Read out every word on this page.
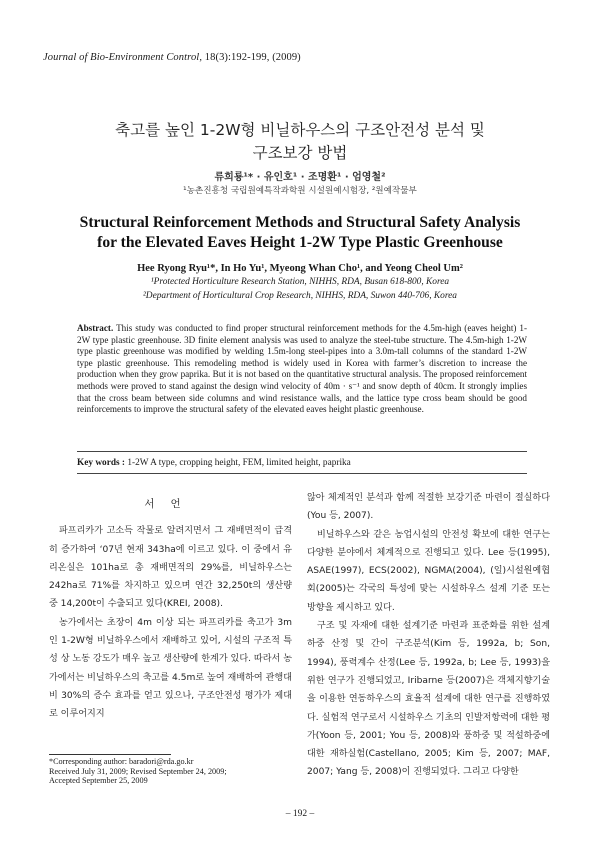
Journal of Bio-Environment Control, 18(3):192-199, (2009)
축고를 높인 1-2W형 비닐하우스의 구조안전성 분석 및
구조보강 방법
류희룡¹* · 유인호¹ · 조명환¹ · 엄영철²
¹농촌진흥청 국립원예특작과학원 시설원예시험장, ²원예작물부
Structural Reinforcement Methods and Structural Safety Analysis
for the Elevated Eaves Height 1-2W Type Plastic Greenhouse
Hee Ryong Ryu¹*, In Ho Yu¹, Myeong Whan Cho¹, and Yeong Cheol Um²
¹Protected Horticulture Research Station, NIHHS, RDA, Busan 618-800, Korea
²Department of Horticultural Crop Research, NIHHS, RDA, Suwon 440-706, Korea
Abstract. This study was conducted to find proper structural reinforcement methods for the 4.5m-high (eaves height) 1-2W type plastic greenhouse. 3D finite element analysis was used to analyze the steel-tube structure. The 4.5m-high 1-2W type plastic greenhouse was modified by welding 1.5m-long steel-pipes into a 3.0m-tall columns of the standard 1-2W type plastic greenhouse. This remodeling method is widely used in Korea with farmer’s discretion to increase the production when they grow paprika. But it is not based on the quantitative structural analysis. The proposed reinforcement methods were proved to stand against the design wind velocity of 40m · s⁻¹ and snow depth of 40cm. It strongly implies that the cross beam between side columns and wind resistance walls, and the lattice type cross beam should be good reinforcements to improve the structural safety of the elevated eaves height plastic greenhouse.
Key words : 1-2W A type, cropping height, FEM, limited height, paprika
서언

파프리카가 고소득 작물로 알려지면서 그 재배면적이 급격히 증가하여 ‘07년 현재 343ha에 이르고 있다. 이 중에서 유리온실은 101ha로 총 재배면적의 29%를, 비닐하우스는 242ha로 71%를 차지하고 있으며 연간 32,250t의 생산량 중 14,200t이 수출되고 있다(KREI, 2008).

농가에서는 초장이 4m 이상 되는 파프리카를 축고가 3m인 1-2W형 비닐하우스에서 재배하고 있어, 시설의 구조적 특성 상 노동 강도가 매우 높고 생산량에 한계가 있다. 따라서 농가에서는 비닐하우스의 축고를 4.5m로 높여 재배하여 관행대비 30%의 증수 효과를 얻고 있으나, 구조안전성 평가가 제대로 이루어지지

않아 체계적인 분석과 함께 적절한 보강기준 마련이 절실하다(You 등, 2007).

비닐하우스와 같은 농업시설의 안전성 확보에 대한 연구는 다양한 분야에서 체계적으로 진행되고 있다. Lee 등(1995), ASAE(1997), ECS(2002), NGMA(2004), (일)시설원예협회(2005)는 각국의 특성에 맞는 시설하우스 설계 기준 또는 방향을 제시하고 있다.

구조 및 자재에 대한 설계기준 마련과 표준화를 위한 설계하중 산정 및 간이 구조분석(Kim 등, 1992a, b; Son, 1994), 풍력계수 산정(Lee 등, 1992a, b; Lee 등, 1993)을 위한 연구가 진행되었고, Iribarne 등(2007)은 객체지향기술을 이용한 연동하우스의 효율적 설계에 대한 연구를 진행하였다. 실험적 연구로서 시설하우스 기초의 인발저항력에 대한 평가(Yoon 등, 2001; You 등, 2008)와 풍하중 및 적설하중에 대한 재하실험(Castellano, 2005; Kim 등, 2007; MAF, 2007; Yang 등, 2008)이 진행되었다. 그리고 다양한

*Corresponding author: baradori@rda.go.kr
Received July 31, 2009; Revised September 24, 2009;
Accepted September 25, 2009
– 192 –
